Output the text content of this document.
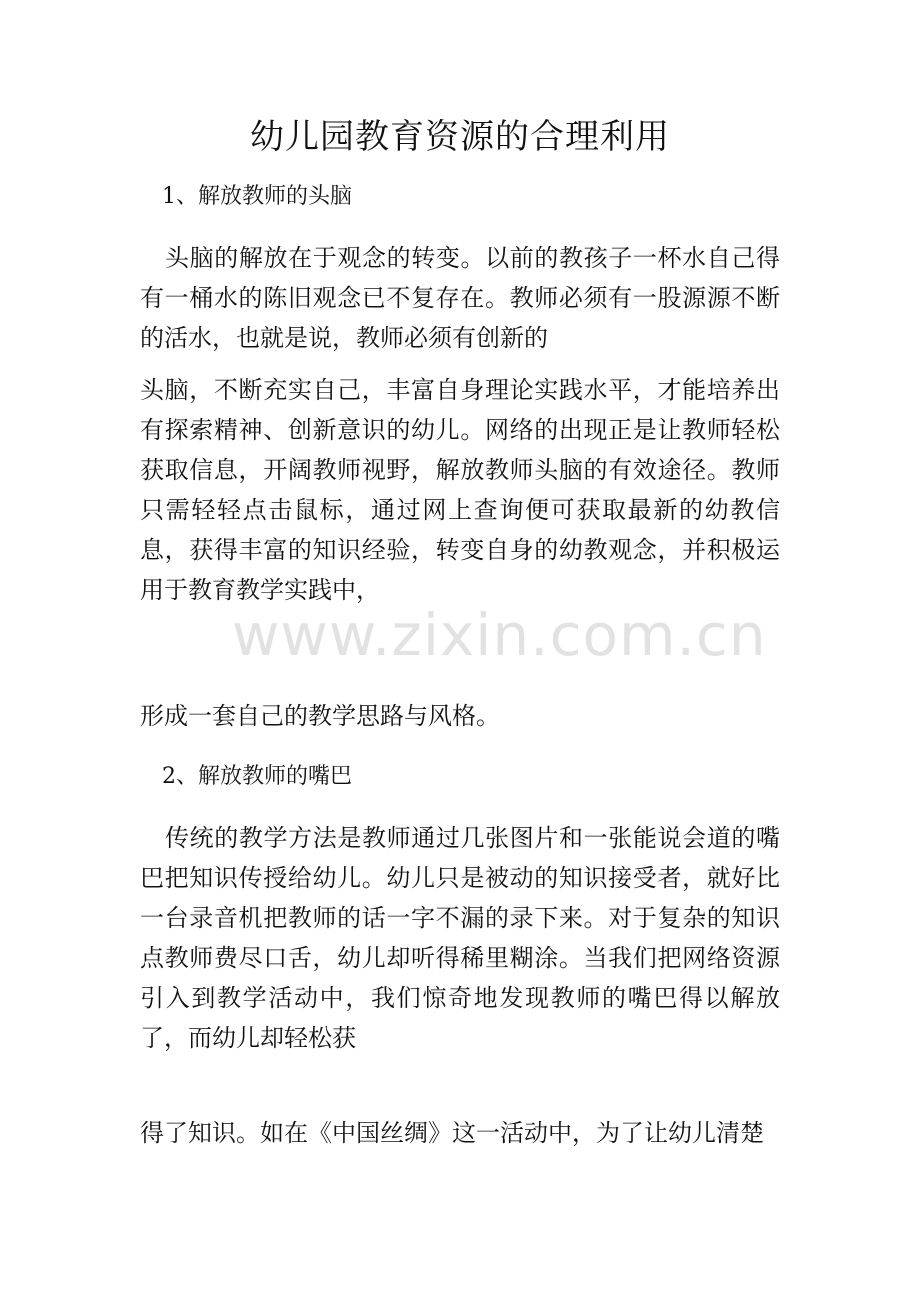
幼儿园教育资源的合理利用
1、解放教师的头脑
头脑的解放在于观念的转变。以前的教孩子一杯水自己得有一桶水的陈旧观念已不复存在。教师必须有一股源源不断的活水，也就是说，教师必须有创新的
头脑，不断充实自己，丰富自身理论实践水平，才能培养出有探索精神、创新意识的幼儿。网络的出现正是让教师轻松获取信息，开阔教师视野，解放教师头脑的有效途径。教师只需轻轻点击鼠标，通过网上查询便可获取最新的幼教信息，获得丰富的知识经验，转变自身的幼教观念，并积极运用于教育教学实践中，
形成一套自己的教学思路与风格。
2、解放教师的嘴巴
传统的教学方法是教师通过几张图片和一张能说会道的嘴巴把知识传授给幼儿。幼儿只是被动的知识接受者，就好比一台录音机把教师的话一字不漏的录下来。对于复杂的知识点教师费尽口舌，幼儿却听得稀里糊涂。当我们把网络资源引入到教学活动中，我们惊奇地发现教师的嘴巴得以解放了，而幼儿却轻松获
得了知识。如在《中国丝绸》这一活动中，为了让幼儿清楚
www.zixin.com.cn
